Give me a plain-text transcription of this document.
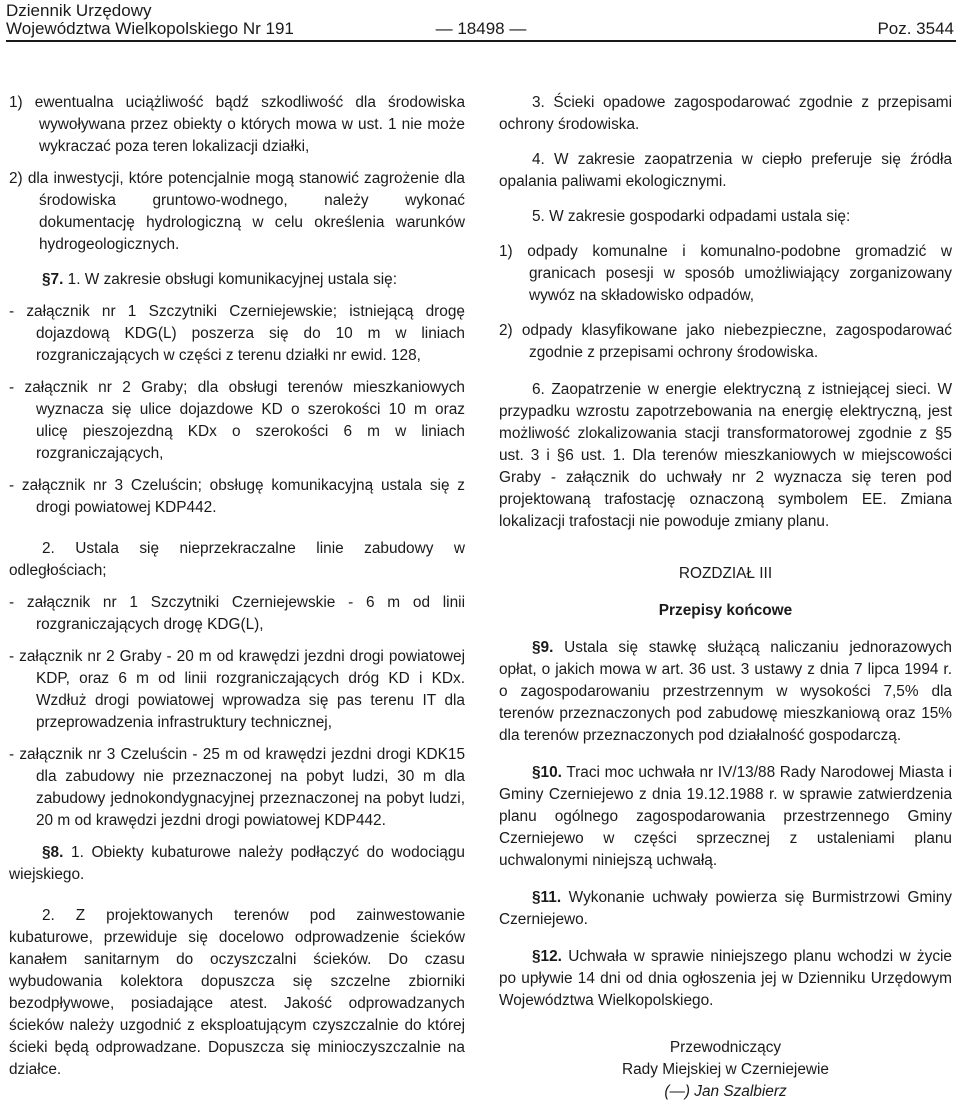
Dziennik Urzędowy
Województwa Wielkopolskiego Nr 191	— 18498 —	Poz. 3544

1) ewentualna uciążliwość bądź szkodliwość dla środowiska wywoływana przez obiekty o których mowa w ust. 1 nie może wykraczać poza teren lokalizacji działki,

2) dla inwestycji, które potencjalnie mogą stanowić zagrożenie dla środowiska gruntowo-wodnego, należy wykonać dokumentację hydrologiczną w celu określenia warunków hydrogeologicznych.

§7. 1. W zakresie obsługi komunikacyjnej ustala się:

- załącznik nr 1 Szczytniki Czerniejewskie; istniejącą drogę dojazdową KDG(L) poszerza się do 10 m w liniach rozgraniczających w części z terenu działki nr ewid. 128,

- załącznik nr 2 Graby; dla obsługi terenów mieszkaniowych wyznacza się ulice dojazdowe KD o szerokości 10 m oraz ulicę pieszojezdną KDx o szerokości 6 m w liniach rozgraniczających,

- załącznik nr 3 Czeluścin; obsługę komunikacyjną ustala się z drogi powiatowej KDP442.

2. Ustala się nieprzekraczalne linie zabudowy w odległościach;

- załącznik nr 1 Szczytniki Czerniejewskie - 6 m od linii rozgraniczających drogę KDG(L),

- załącznik nr 2 Graby - 20 m od krawędzi jezdni drogi powiatowej KDP, oraz 6 m od linii rozgraniczających dróg KD i KDx. Wzdłuż drogi powiatowej wprowadza się pas terenu IT dla przeprowadzenia infrastruktury technicznej,

- załącznik nr 3 Czeluścin - 25 m od krawędzi jezdni drogi KDK15 dla zabudowy nie przeznaczonej na pobyt ludzi, 30 m dla zabudowy jednokondygnacyjnej przeznaczonej na pobyt ludzi, 20 m od krawędzi jezdni drogi powiatowej KDP442.

§8. 1. Obiekty kubaturowe należy podłączyć do wodociągu wiejskiego.

2. Z projektowanych terenów pod zainwestowanie kubaturowe, przewiduje się docelowo odprowadzenie ścieków kanałem sanitarnym do oczyszczalni ścieków. Do czasu wybudowania kolektora dopuszcza się szczelne zbiorniki bezodpływowe, posiadające atest. Jakość odprowadzanych ścieków należy uzgodnić z eksploatującym czyszczalnie do której ścieki będą odprowadzane. Dopuszcza się minioczyszczalnie na działce.

3. Ścieki opadowe zagospodarować zgodnie z przepisami ochrony środowiska.

4. W zakresie zaopatrzenia w ciepło preferuje się źródła opalania paliwami ekologicznymi.

5. W zakresie gospodarki odpadami ustala się:

1) odpady komunalne i komunalno-podobne gromadzić w granicach posesji w sposób umożliwiający zorganizowany wywóz na składowisko odpadów,

2) odpady klasyfikowane jako niebezpieczne, zagospodarować zgodnie z przepisami ochrony środowiska.

6. Zaopatrzenie w energie elektryczną z istniejącej sieci. W przypadku wzrostu zapotrzebowania na energię elektryczną, jest możliwość zlokalizowania stacji transformatorowej zgodnie z §5 ust. 3 i §6 ust. 1. Dla terenów mieszkaniowych w miejscowości Graby - załącznik do uchwały nr 2 wyznacza się teren pod projektowaną trafostację oznaczoną symbolem EE. Zmiana lokalizacji trafostacji nie powoduje zmiany planu.

ROZDZIAŁ III

Przepisy końcowe

§9. Ustala się stawkę służącą naliczaniu jednorazowych opłat, o jakich mowa w art. 36 ust. 3 ustawy z dnia 7 lipca 1994 r. o zagospodarowaniu przestrzennym w wysokości 7,5% dla terenów przeznaczonych pod zabudowę mieszkaniową oraz 15% dla terenów przeznaczonych pod działalność gospodarczą.

§10. Traci moc uchwała nr IV/13/88 Rady Narodowej Miasta i Gminy Czerniejewo z dnia 19.12.1988 r. w sprawie zatwierdzenia planu ogólnego zagospodarowania przestrzennego Gminy Czerniejewo w części sprzecznej z ustaleniami planu uchwalonymi niniejszą uchwałą.

§11. Wykonanie uchwały powierza się Burmistrzowi Gminy Czerniejewo.

§12. Uchwała w sprawie niniejszego planu wchodzi w życie po upływie 14 dni od dnia ogłoszenia jej w Dzienniku Urzędowym Województwa Wielkopolskiego.

Przewodniczący

Rady Miejskiej w Czerniejewie

(—) Jan Szalbierz
